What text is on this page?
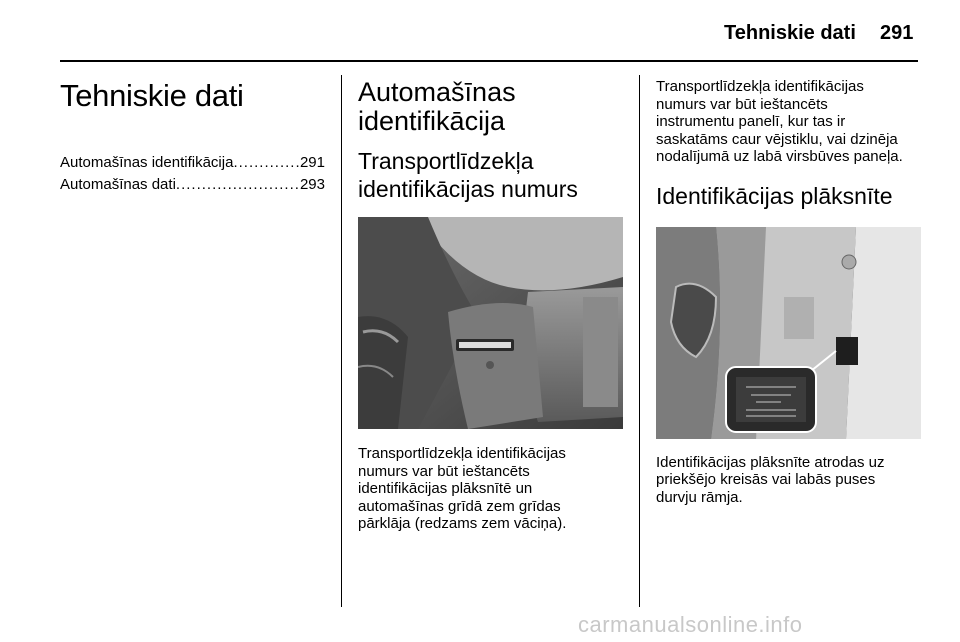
Tehniskie dati 291
Tehniskie dati
Automašīnas identifikācija .....	291
Automašīnas dati .....	293
Automašīnas
identifikācija
Transportlīdzekļa
identifikācijas numurs

Transportlīdzekļa identifikācijas
numurs var būt ieštancēts
identifikācijas plāksnītē un
automašīnas grīdā zem grīdas
pārklāja (redzams zem vāciņa).

Transportlīdzekļa identifikācijas
numurs var būt ieštancēts
instrumentu panelī, kur tas ir
saskatāms caur vējstiklu, vai dzinēja
nodalījumā uz labā virsbūves paneļa.

Identifikācijas plāksnīte

Identifikācijas plāksnīte atrodas uz
priekšējo kreisās vai labās puses
durvju rāmja.

carmanualsonline.info
